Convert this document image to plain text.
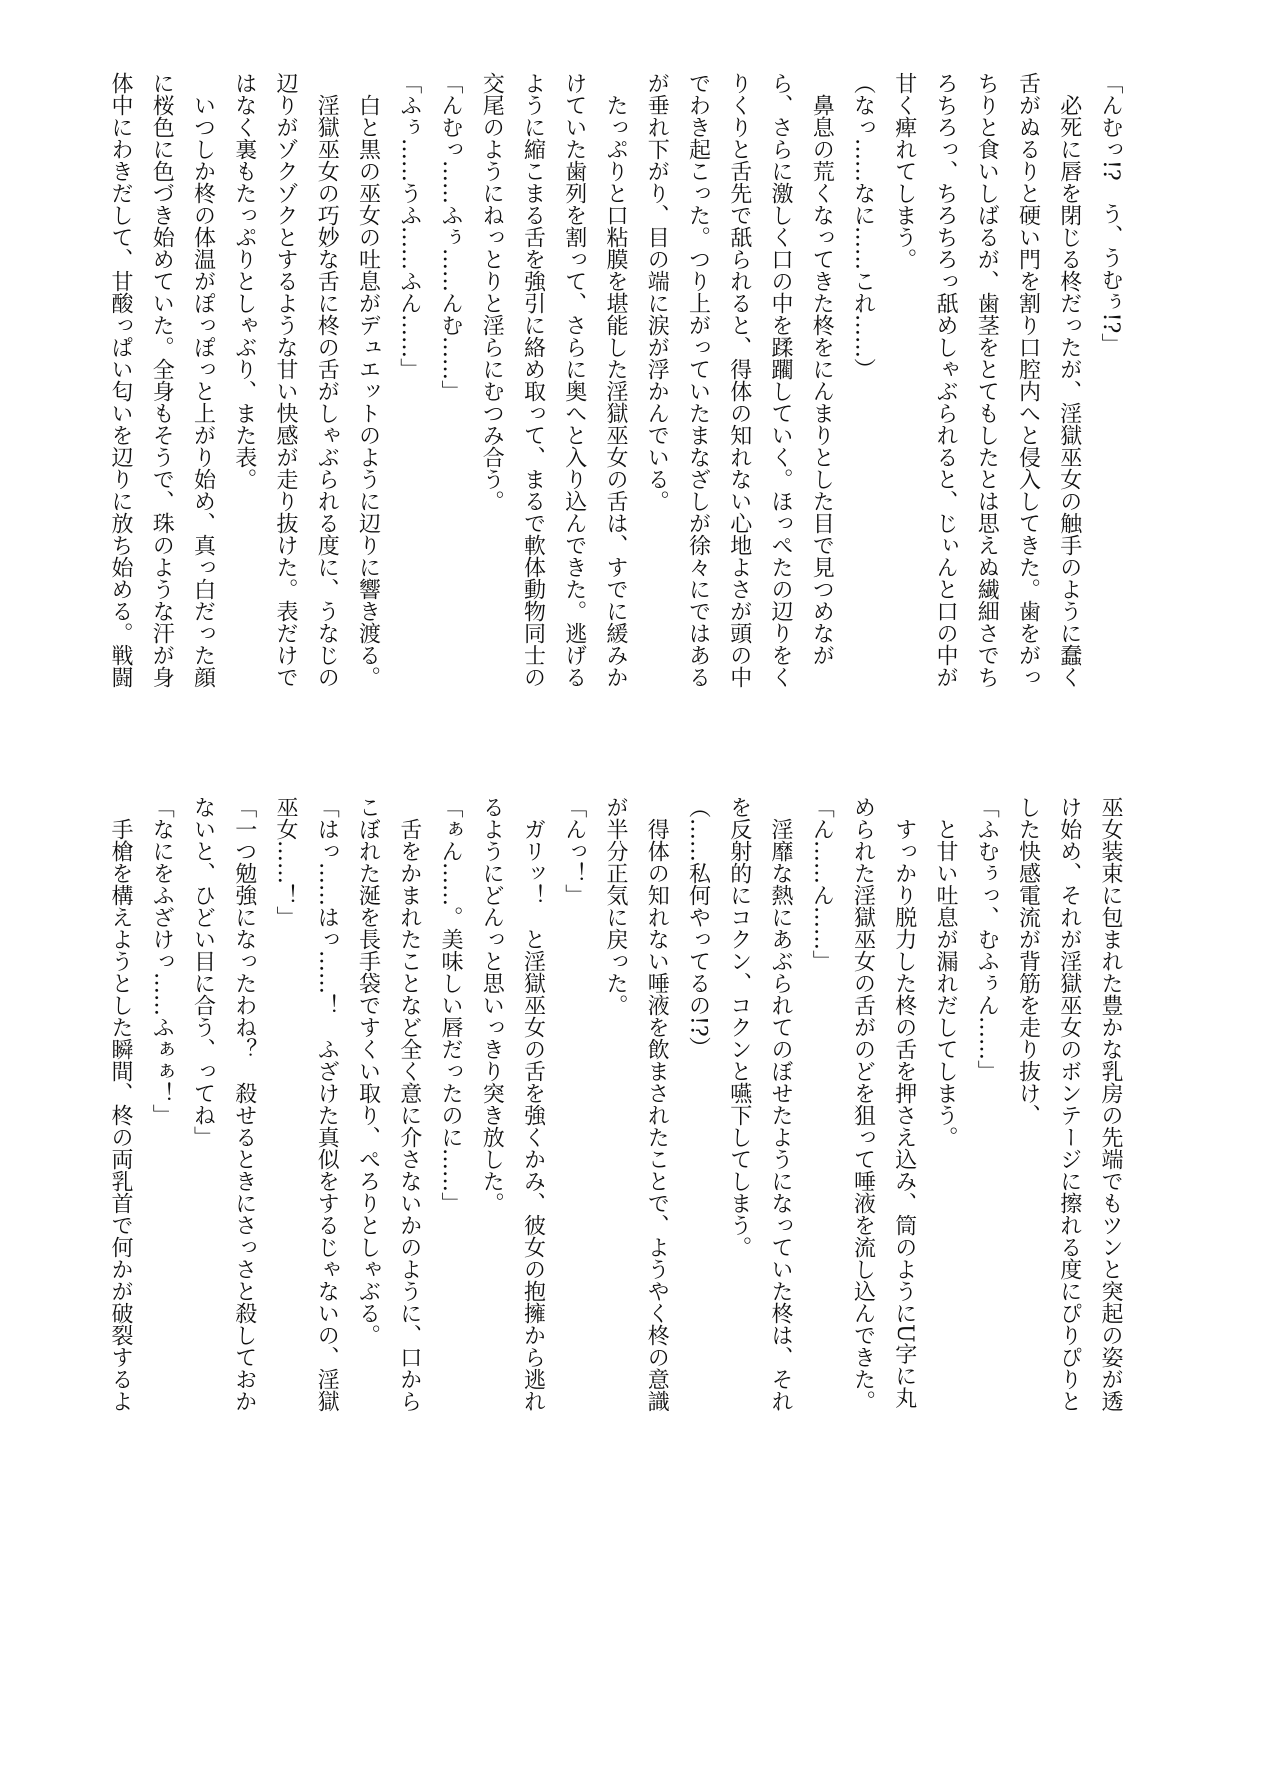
「んむっ!?　う、うむぅ!?」
　必死に唇を閉じる柊だったが、淫獄巫女の触手のように蠢く
舌がぬるりと硬い門を割り口腔内へと侵入してきた。歯をがっ
ちりと食いしばるが、歯茎をとてもしたとは思えぬ繊細さでち
ろちろっ、ちろちろっ舐めしゃぶられると、じぃんと口の中が
甘く痺れてしまう。
（なっ……なに……これ……）
　鼻息の荒くなってきた柊をにんまりとした目で見つめなが
ら、さらに激しく口の中を蹂躙していく。ほっぺたの辺りをく
りくりと舌先で舐られると、得体の知れない心地よさが頭の中
でわき起こった。つり上がっていたまなざしが徐々にではある
が垂れ下がり、目の端に涙が浮かんでいる。
　たっぷりと口粘膜を堪能した淫獄巫女の舌は、すでに緩みか
けていた歯列を割って、さらに奥へと入り込んできた。逃げる
ように縮こまる舌を強引に絡め取って、まるで軟体動物同士の
交尾のようにねっとりと淫らにむつみ合う。
「んむっ……ふぅ……んむ……」
「ふぅ……うふ……ふん……」
　白と黒の巫女の吐息がデュエットのように辺りに響き渡る。
　淫獄巫女の巧妙な舌に柊の舌がしゃぶられる度に、うなじの
辺りがゾクゾクとするような甘い快感が走り抜けた。表だけで
はなく裏もたっぷりとしゃぶり、また表。
　いつしか柊の体温がぽっぽっと上がり始め、真っ白だった顔
に桜色に色づき始めていた。全身もそうで、珠のような汗が身
体中にわきだして、甘酸っぱい匂いを辺りに放ち始める。戦闘
巫女装束に包まれた豊かな乳房の先端でもツンと突起の姿が透
け始め、それが淫獄巫女のボンテージに擦れる度にぴりぴりと
した快感電流が背筋を走り抜け、
「ふむぅっ、むふぅん……」
　と甘い吐息が漏れだしてしまう。
　すっかり脱力した柊の舌を押さえ込み、筒のようにU字に丸
められた淫獄巫女の舌がのどを狙って唾液を流し込んできた。
「ん……ん……」
　淫靡な熱にあぶられてのぼせたようになっていた柊は、それ
を反射的にコクン、コクンと嚥下してしまう。
（……私何やってるの!?）
　得体の知れない唾液を飲まされたことで、ようやく柊の意識
が半分正気に戻った。
「んっ！」
　ガリッ！　と淫獄巫女の舌を強くかみ、彼女の抱擁から逃れ
るようにどんっと思いっきり突き放した。
「ぁん……。美味しい唇だったのに……」
　舌をかまれたことなど全く意に介さないかのように、口から
こぼれた涎を長手袋ですくい取り、ぺろりとしゃぶる。
「はっ……はっ……！　ふざけた真似をするじゃないの、淫獄
巫女……！」
「一つ勉強になったわね？　殺せるときにさっさと殺しておか
ないと、ひどい目に合う、ってね」
「なにをふざけっ……ふぁぁ！」
　手槍を構えようとした瞬間、柊の両乳首で何かが破裂するよ
